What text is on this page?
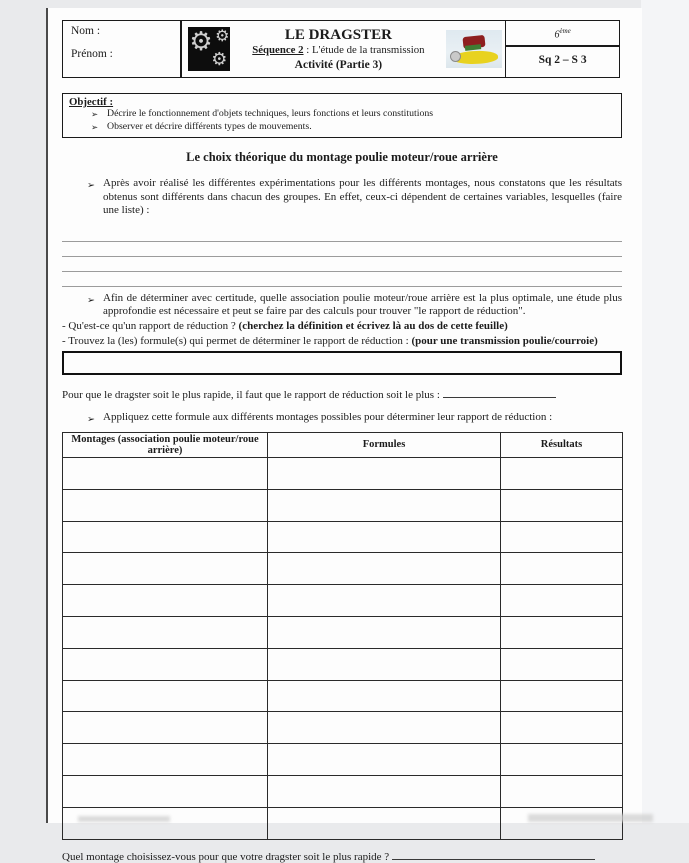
Nom :
Prénom :	⚙ ⚙
⚙
LE DRAGSTER
Séquence 2 : L'étude de la transmission
Activité (Partie 3)
6ème
Sq 2 – S 3
Objectif :
➢ Décrire le fonctionnement d'objets techniques, leurs fonctions et leurs constitutions
➢ Observer et décrire différents types de mouvements.
Le choix théorique du montage poulie moteur/roue arrière
➢ Après avoir réalisé les différentes expérimentations pour les différents montages, nous constatons que les résultats obtenus sont différents dans chacun des groupes. En effet, ceux-ci dépendent de certaines variables, lesquelles (faire une liste) :
➢ Afin de déterminer avec certitude, quelle association poulie moteur/roue arrière est la plus optimale, une étude plus approfondie est nécessaire et peut se faire par des calculs pour trouver "le rapport de réduction".
- Qu'est-ce qu'un rapport de réduction ? (cherchez la définition et écrivez là au dos de cette feuille)
- Trouvez la (les) formule(s) qui permet de déterminer le rapport de réduction : (pour une transmission poulie/courroie)
Pour que le dragster soit le plus rapide, il faut que le rapport de réduction soit le plus :
➢ Appliquez cette formule aux différents montages possibles pour déterminer leur rapport de réduction :
Montages (association poulie moteur/roue arrière)	Formules	Résultats

Quel montage choisissez-vous pour que votre dragster soit le plus rapide ?
